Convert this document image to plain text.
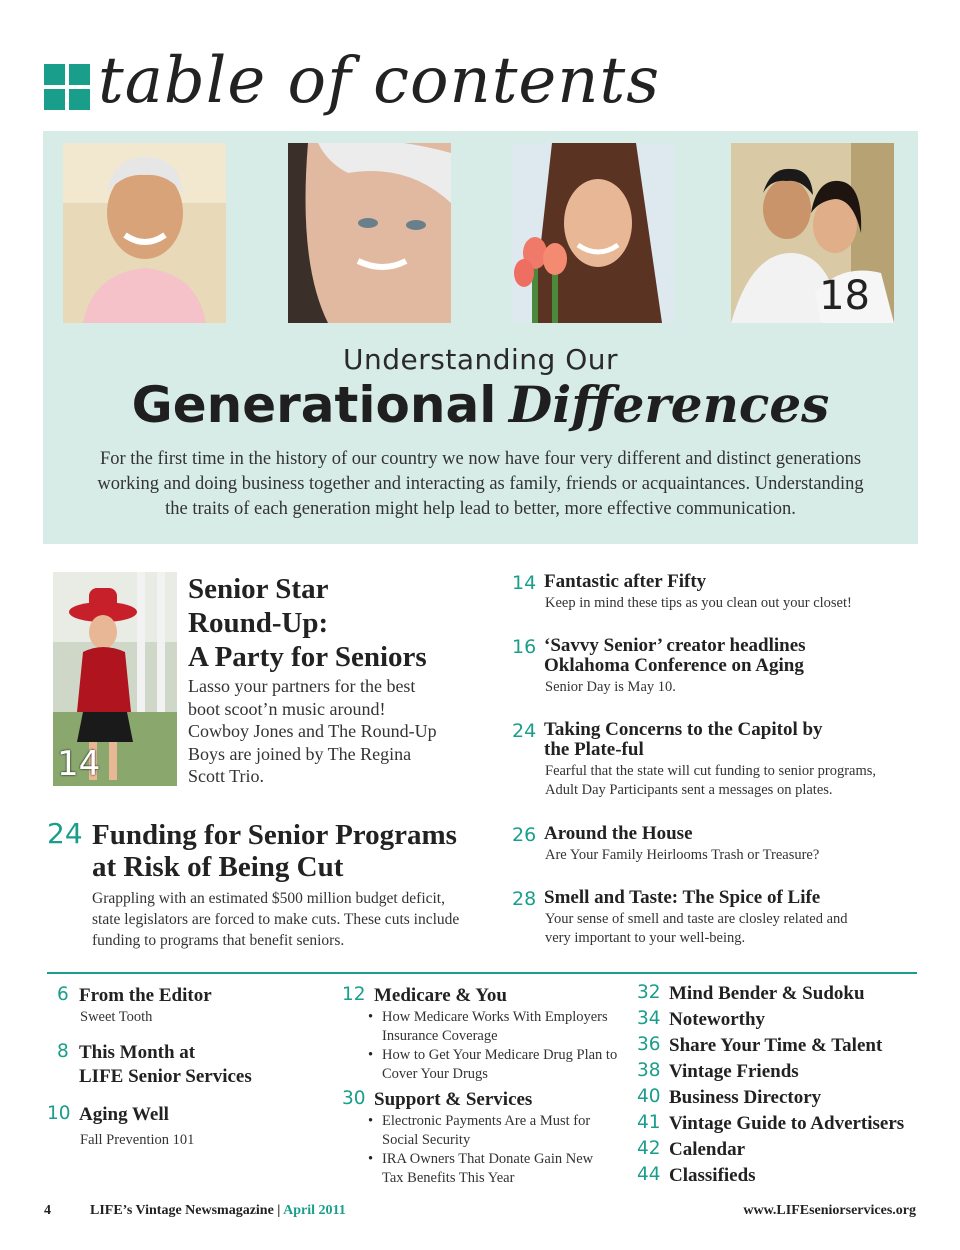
table of contents
18
Understanding Our
Generational Differences
For the first time in the history of our country we now have four very different and distinct generations working and doing business together and interacting as family, friends or acquaintances. Understanding the traits of each generation might help lead to better, more effective communication.
14
Senior Star
Round-Up:
A Party for Seniors
Lasso your partners for the best boot scoot’n music around! Cowboy Jones and The Round-Up Boys are joined by The Regina Scott Trio.
24 Funding for Senior Programs
at Risk of Being Cut
Grappling with an estimated $500 million budget deficit, state legislators are forced to make cuts. These cuts include funding to programs that benefit seniors.
14 Fantastic after Fifty
Keep in mind these tips as you clean out your closet!
16 ‘Savvy Senior’ creator headlines Oklahoma Conference on Aging
Senior Day is May 10.
24 Taking Concerns to the Capitol by the Plate-ful
Fearful that the state will cut funding to senior programs, Adult Day Participants sent a messages on plates.
26 Around the House
Are Your Family Heirlooms Trash or Treasure?
28 Smell and Taste: The Spice of Life
Your sense of smell and taste are closley related and very important to your well-being.
6 From the Editor
Sweet Tooth
8 This Month at
LIFE Senior Services
10 Aging Well
Fall Prevention 101
12 Medicare & You
• How Medicare Works With Employers Insurance Coverage
• How to Get Your Medicare Drug Plan to Cover Your Drugs
30 Support & Services
• Electronic Payments Are a Must for Social Security
• IRA Owners That Donate Gain New Tax Benefits This Year
32 Mind Bender & Sudoku
34 Noteworthy
36 Share Your Time & Talent
38 Vintage Friends
40 Business Directory
41 Vintage Guide to Advertisers
42 Calendar
44 Classifieds
4	LIFE’s Vintage Newsmagazine | April 2011	www.LIFEseniorservices.org
